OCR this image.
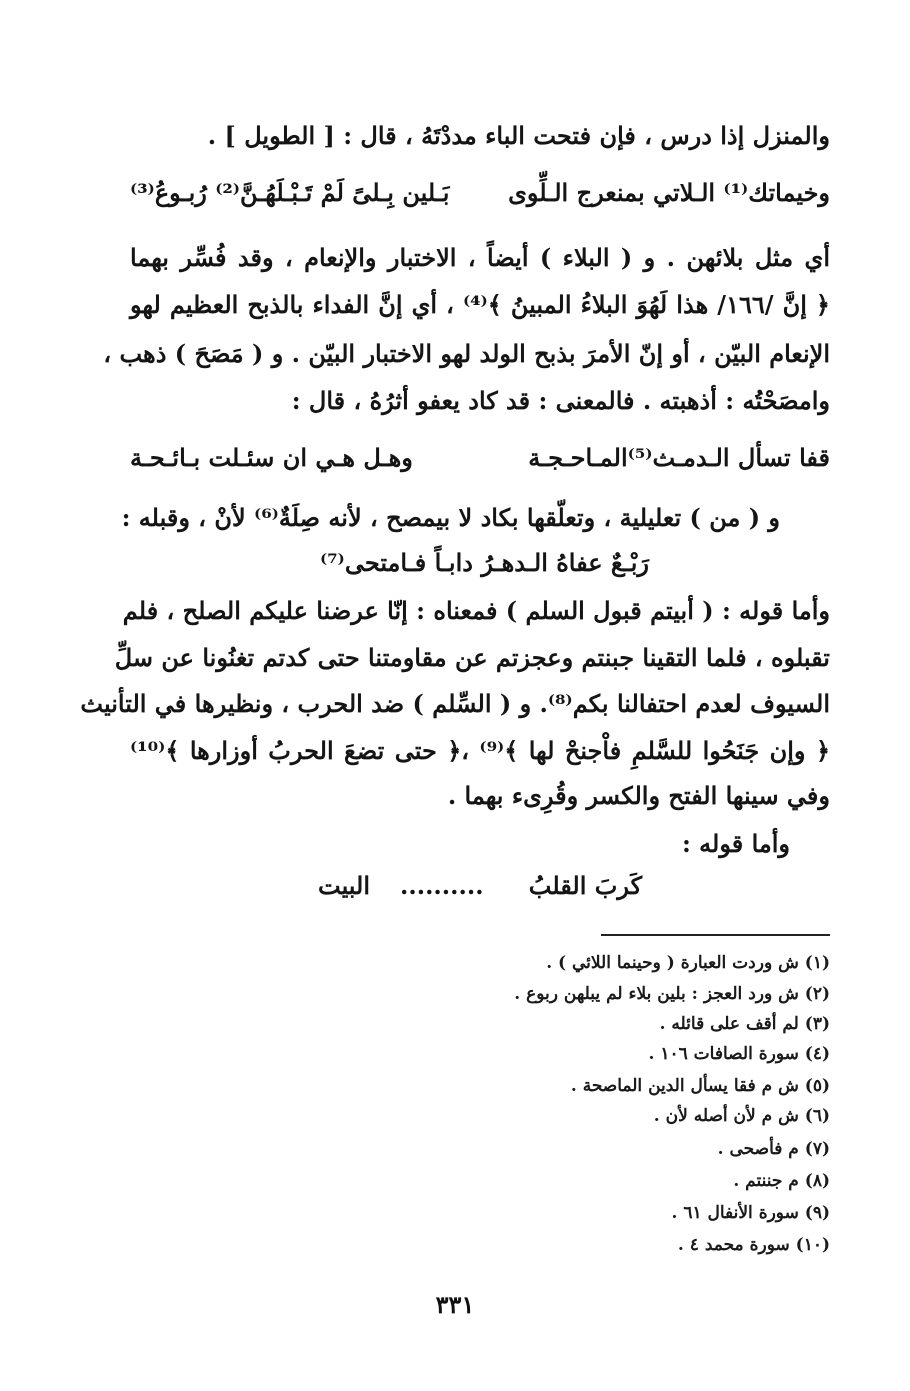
والمنزل إذا درس ، فإن فتحت الباء مددْتَهُ ، قال : [ الطويل ] .
وخيماتك⁽¹⁾ الـلاتي بمنعرج الـلِّوى
بَـلين بِـلىً لَمْ تَـبْـلَهُـنَّ⁽²⁾ رُبـوعُ⁽³⁾
أي مثل بلائهن . و ( البلاء ) أيضاً ، الاختبار والإنعام ، وقد فُسِّر بهما
﴿ إنَّ /١٦٦/ هذا لَهُوَ البلاءُ المبينُ ﴾⁽⁴⁾ ، أي إنَّ الفداء بالذبح العظيم لهو
الإنعام البيّن ، أو إنّ الأمرَ بذبح الولد لهو الاختبار البيّن . و ( مَصَحَ ) ذهب ،
وامصَحْتُه : أذهبته . فالمعنى : قد كاد يعفو أثرُهُ ، قال :
قفا تسأل الـدمـث⁽⁵⁾المـاحـجـة
وهـل هـي ان سئـلت بـائـحـة
و ( من ) تعليلية ، وتعلّقها بكاد لا بيمصح ، لأنه صِلَةٌ⁽⁶⁾ لأنْ ، وقبله :
رَبْـعٌ عفاهُ الـدهـرُ دابـاً فـامتحى⁽⁷⁾
وأما قوله : ( أبيتم قبول السلم ) فمعناه : إنّا عرضنا عليكم الصلح ، فلم
تقبلوه ، فلما التقينا جبنتم وعجزتم عن مقاومتنا حتى كدتم تغنُونا عن سلِّ
السيوف لعدم احتفالنا بكم⁽⁸⁾. و ( السِّلم ) ضد الحرب ، ونظيرها في التأنيث
﴿ وإن جَنَحُوا للسَّلمِ فاْجنحْ لها ﴾⁽⁹⁾ ،﴿ حتى تضعَ الحربُ أوزارها ﴾⁽¹⁰⁾
وفي سينها الفتح والكسر وقُرِىء بهما .
وأما قوله :
كَربَ القلبُ
..........
البيت
(١) ش وردت العبارة ( وحينما اللائي ) .
(٢) ش ورد العجز : بلين بلاء لم يبلهن ربوع .
(٣) لم أقف على قائله .
(٤) سورة الصافات ١٠٦ .
(٥) ش م فقا يسأل الدين الماصحة .
(٦) ش م لأن أصله لأن .
(٧) م فأصحى .
(٨) م جننتم .
(٩) سورة الأنفال ٦١ .
(١٠) سورة محمد ٤ .
٣٣١
